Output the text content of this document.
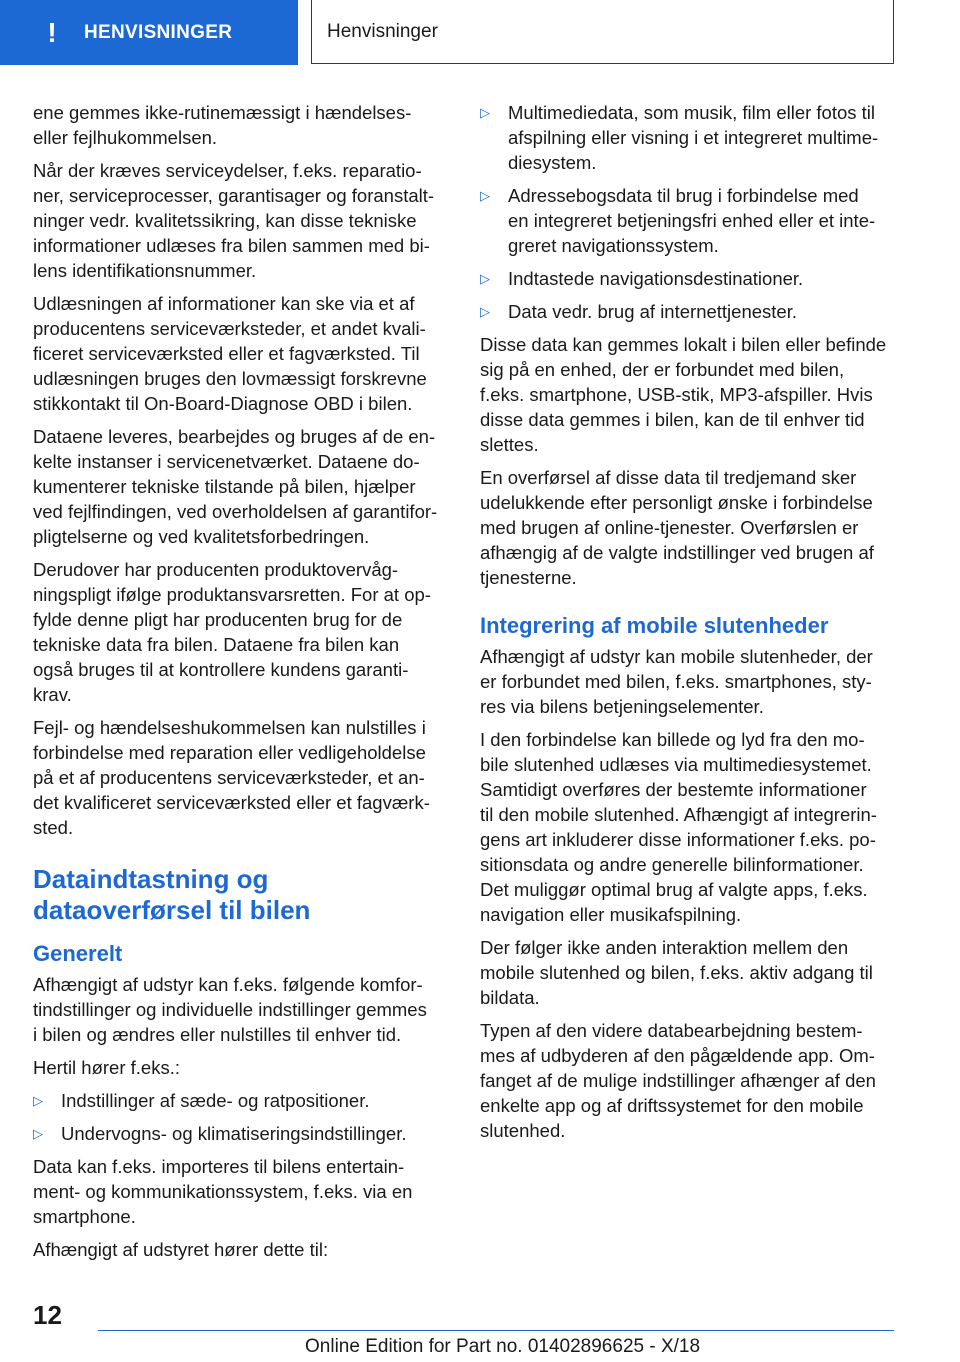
! HENVISNINGER	Henvisninger

ene gemmes ikke-rutinemæssigt i hændelses-
eller fejlhukommelsen.

Når der kræves serviceydelser, f.eks. reparatio-
ner, serviceprocesser, garantisager og foranstalt-
ninger vedr. kvalitetssikring, kan disse tekniske
informationer udlæses fra bilen sammen med bi-
lens identifikationsnummer.

Udlæsningen af informationer kan ske via et af
producentens serviceværksteder, et andet kvali-
ficeret serviceværksted eller et fagværksted. Til
udlæsningen bruges den lovmæssigt forskrevne
stikkontakt til On-Board-Diagnose OBD i bilen.

Dataene leveres, bearbejdes og bruges af de en-
kelte instanser i servicenetværket. Dataene do-
kumenterer tekniske tilstande på bilen, hjælper
ved fejlfindingen, ved overholdelsen af garantifor-
pligtelserne og ved kvalitetsforbedringen.

Derudover har producenten produktovervåg-
ningspligt ifølge produktansvarsretten. For at op-
fylde denne pligt har producenten brug for de
tekniske data fra bilen. Dataene fra bilen kan
også bruges til at kontrollere kundens garanti-
krav.

Fejl- og hændelseshukommelsen kan nulstilles i
forbindelse med reparation eller vedligeholdelse
på et af producentens serviceværksteder, et an-
det kvalificeret serviceværksted eller et fagværk-
sted.

Dataindtastning og
dataoverførsel til bilen
Generelt

Afhængigt af udstyr kan f.eks. følgende komfor-
tindstillinger og individuelle indstillinger gemmes
i bilen og ændres eller nulstilles til enhver tid.

Hertil hører f.eks.:

▷ Indstillinger af sæde- og ratpositioner.
▷ Undervogns- og klimatiseringsindstillinger.

Data kan f.eks. importeres til bilens entertain-
ment- og kommunikationssystem, f.eks. via en
smartphone.

Afhængigt af udstyret hører dette til:

▷ Multimediedata, som musik, film eller fotos til
afspilning eller visning i et integreret multime-
diesystem.
▷ Adressebogsdata til brug i forbindelse med
en integreret betjeningsfri enhed eller et inte-
greret navigationssystem.
▷ Indtastede navigationsdestinationer.
▷ Data vedr. brug af internettjenester.

Disse data kan gemmes lokalt i bilen eller befinde
sig på en enhed, der er forbundet med bilen,
f.eks. smartphone, USB-stik, MP3-afspiller. Hvis
disse data gemmes i bilen, kan de til enhver tid
slettes.

En overførsel af disse data til tredjemand sker
udelukkende efter personligt ønske i forbindelse
med brugen af online-tjenester. Overførslen er
afhængig af de valgte indstillinger ved brugen af
tjenesterne.

Integrering af mobile slutenheder

Afhængigt af udstyr kan mobile slutenheder, der
er forbundet med bilen, f.eks. smartphones, sty-
res via bilens betjeningselementer.

I den forbindelse kan billede og lyd fra den mo-
bile slutenhed udlæses via multimediesystemet.
Samtidigt overføres der bestemte informationer
til den mobile slutenhed. Afhængigt af integrerin-
gens art inkluderer disse informationer f.eks. po-
sitionsdata og andre generelle bilinformationer.
Det muliggør optimal brug af valgte apps, f.eks.
navigation eller musikafspilning.

Der følger ikke anden interaktion mellem den
mobile slutenhed og bilen, f.eks. aktiv adgang til
bildata.

Typen af den videre databearbejdning bestem-
mes af udbyderen af den pågældende app. Om-
fanget af de mulige indstillinger afhænger af den
enkelte app og af driftssystemet for den mobile
slutenhed.

12
Online Edition for Part no. 01402896625 - X/18
